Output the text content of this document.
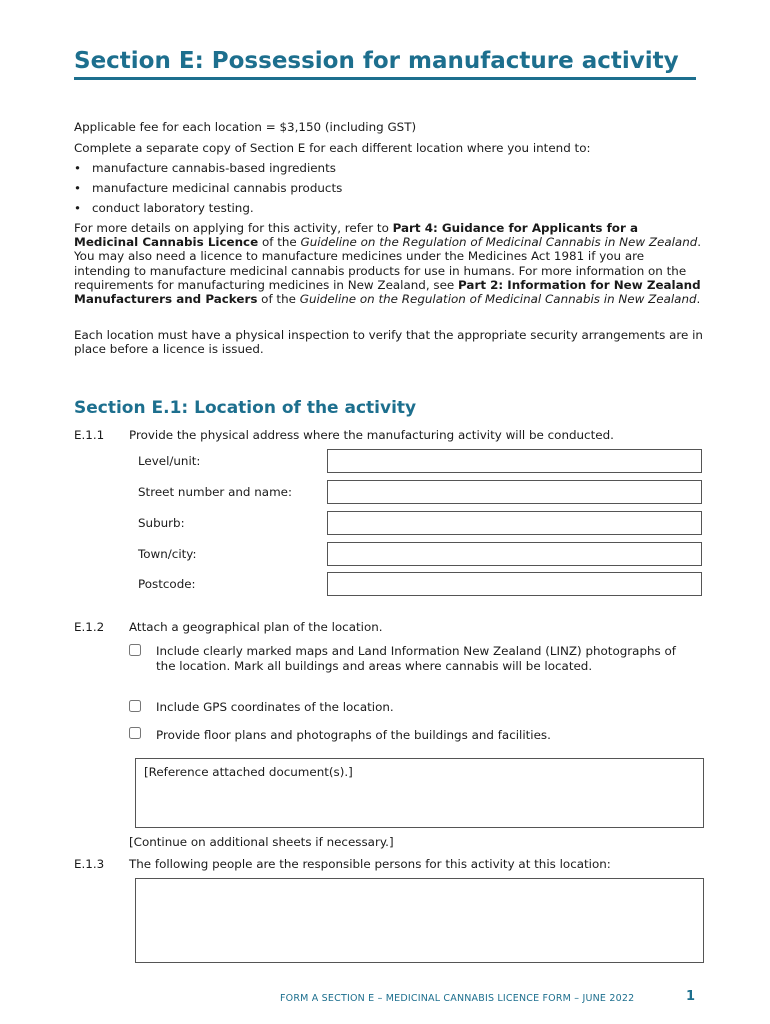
Section E: Possession for manufacture activity

Applicable fee for each location = $3,150 (including GST)

Complete a separate copy of Section E for each different location where you intend to:

• manufacture cannabis-based ingredients
• manufacture medicinal cannabis products
• conduct laboratory testing.

For more details on applying for this activity, refer to Part 4: Guidance for Applicants for a Medicinal Cannabis Licence of the Guideline on the Regulation of Medicinal Cannabis in New Zealand. You may also need a licence to manufacture medicines under the Medicines Act 1981 if you are intending to manufacture medicinal cannabis products for use in humans. For more information on the requirements for manufacturing medicines in New Zealand, see Part 2: Information for New Zealand Manufacturers and Packers of the Guideline on the Regulation of Medicinal Cannabis in New Zealand.

Each location must have a physical inspection to verify that the appropriate security arrangements are in place before a licence is issued.

Section E.1: Location of the activity
E.1.1 Provide the physical address where the manufacturing activity will be conducted.
Level/unit:
Street number and name:
Suburb:
Town/city:
Postcode:
E.1.2 Attach a geographical plan of the location.
Include clearly marked maps and Land Information New Zealand (LINZ) photographs of the location. Mark all buildings and areas where cannabis will be located.
Include GPS coordinates of the location.
Provide floor plans and photographs of the buildings and facilities.
[Reference attached document(s).]
[Continue on additional sheets if necessary.]
E.1.3 The following people are the responsible persons for this activity at this location:
FORM A SECTION E – MEDICINAL CANNABIS LICENCE FORM – JUNE 2022	1
